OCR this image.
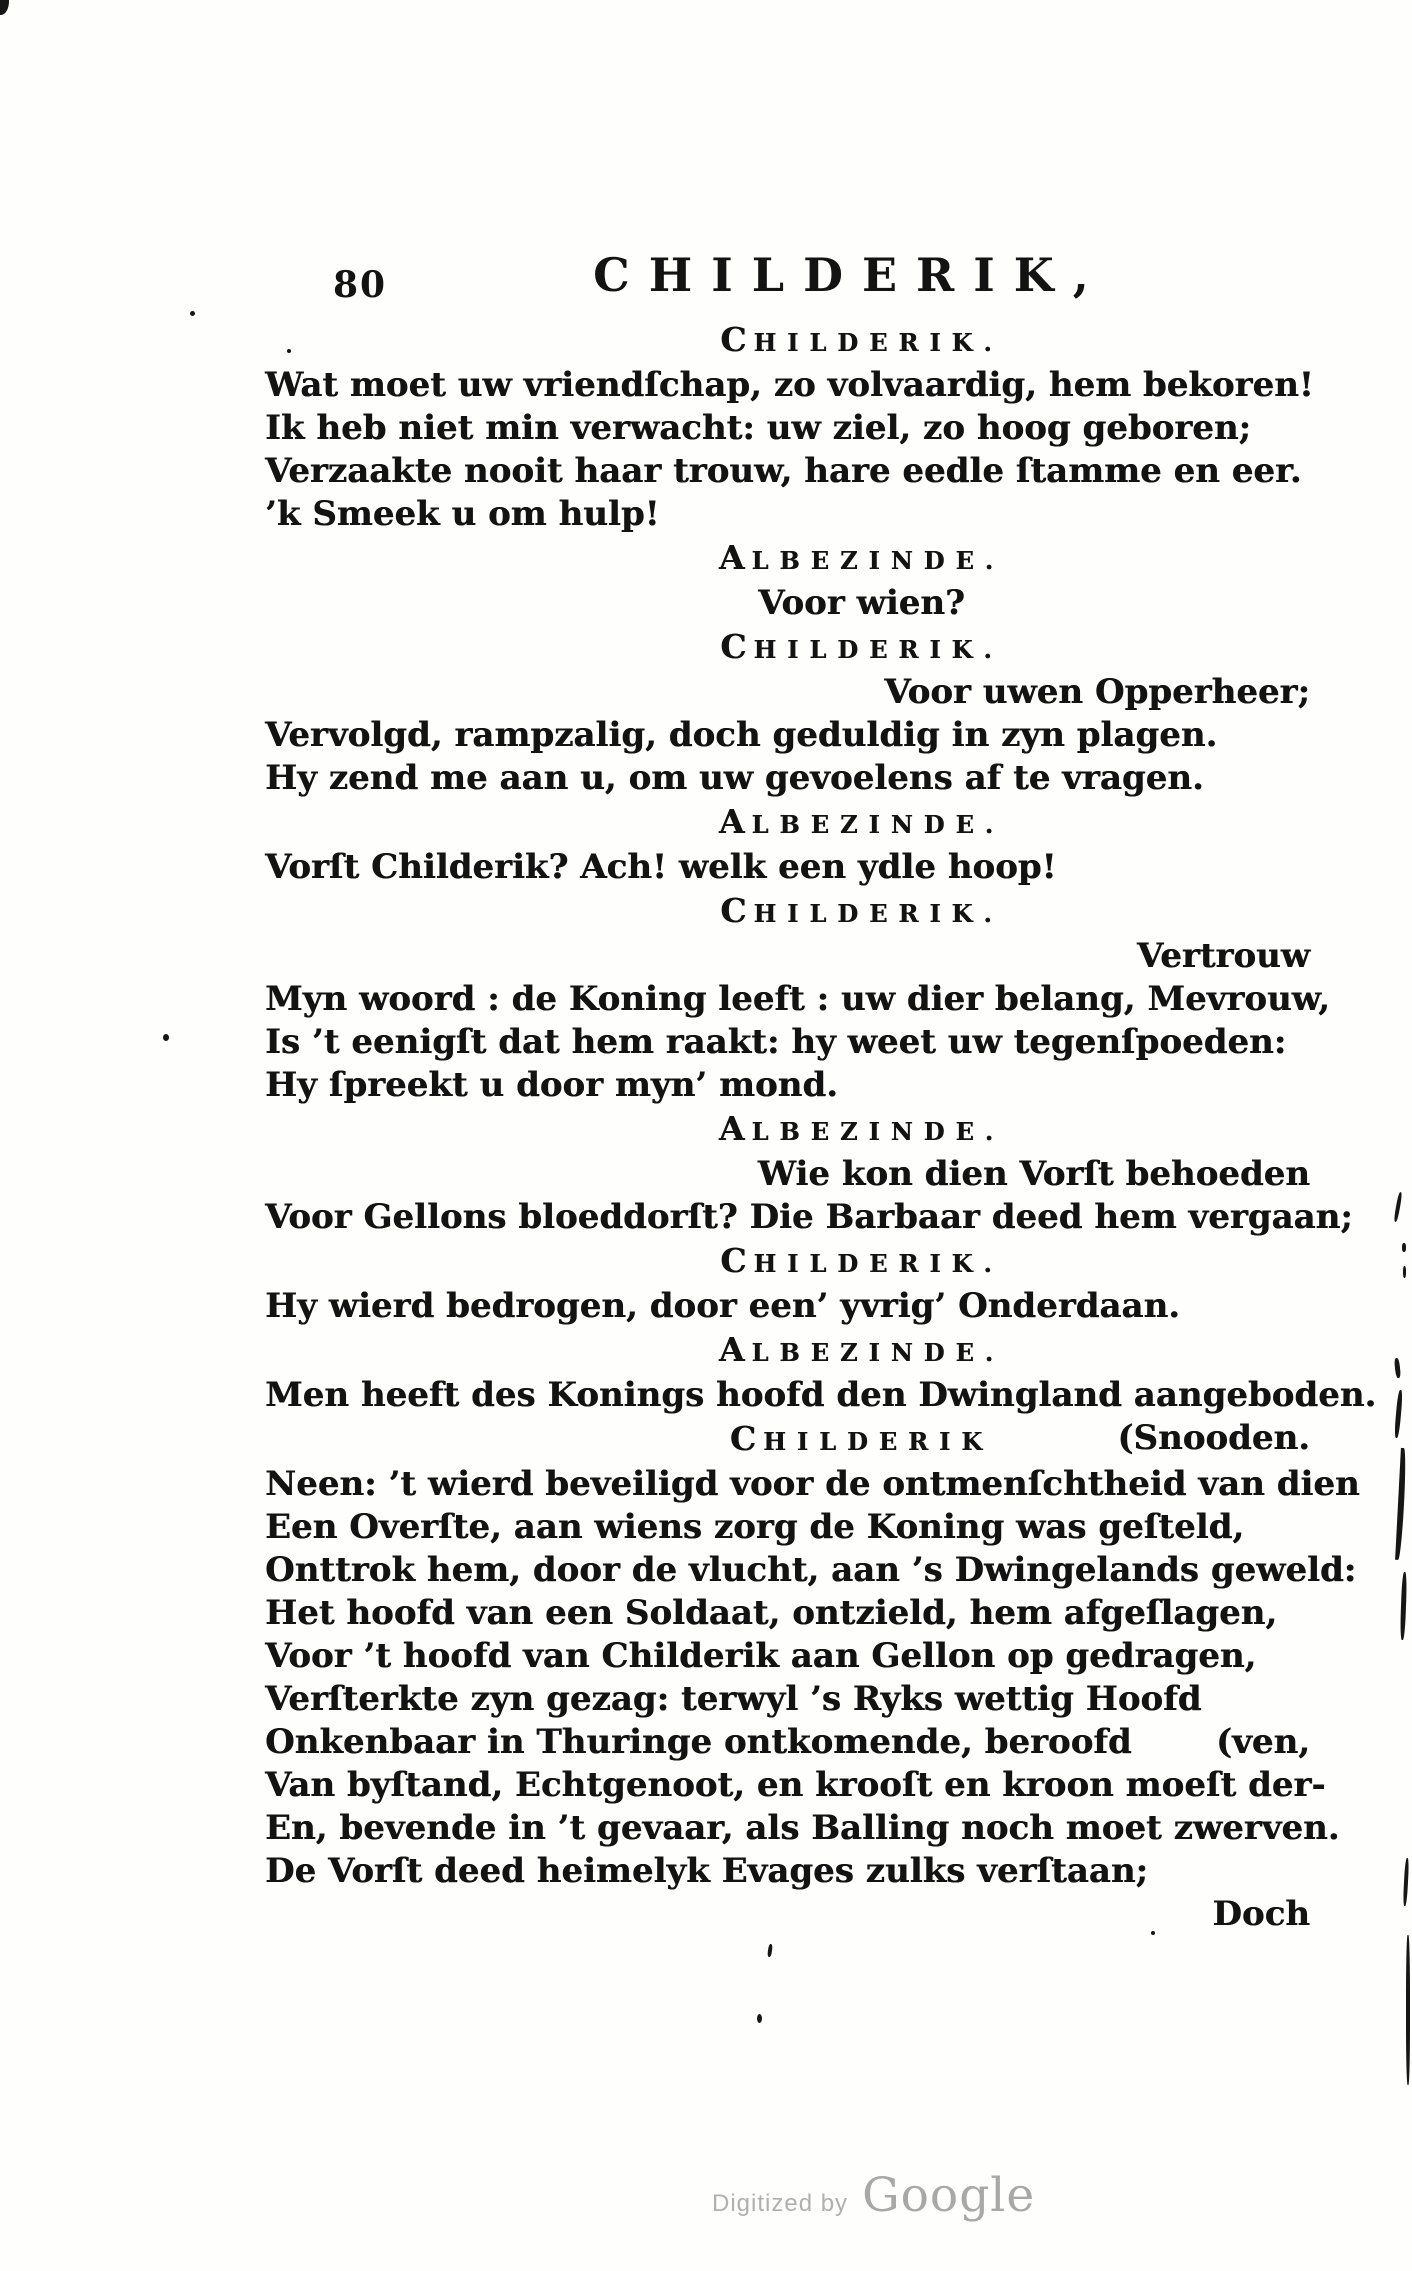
80	CHILDERIK,
CHILDERIK.
Wat moet uw vriendſchap, zo volvaardig, hem bekoren!
Ik heb niet min verwacht: uw ziel, zo hoog geboren;
Verzaakte nooit haar trouw, hare eedle ſtamme en eer.
’k Smeek u om hulp!
ALBEZINDE.
Voor wien?
CHILDERIK.
Voor uwen Opperheer;
Vervolgd, rampzalig, doch geduldig in zyn plagen.
Hy zend me aan u, om uw gevoelens af te vragen.
ALBEZINDE.
Vorſt Childerik? Ach! welk een ydle hoop!
CHILDERIK.
Vertrouw
Myn woord : de Koning leeft : uw dier belang, Mevrouw,
Is ’t eenigſt dat hem raakt: hy weet uw tegenſpoeden:
Hy ſpreekt u door myn’ mond.
ALBEZINDE.
Wie kon dien Vorſt behoeden
Voor Gellons bloeddorſt? Die Barbaar deed hem vergaan;
CHILDERIK.
Hy wierd bedrogen, door een’ yvrig’ Onderdaan.
ALBEZINDE.
Men heeft des Konings hoofd den Dwingland aangeboden.
CHILDERIK	(Snooden.
Neen: ’t wierd beveiligd voor de ontmenſchtheid van dien
Een Overſte, aan wiens zorg de Koning was geſteld,
Onttrok hem, door de vlucht, aan ’s Dwingelands geweld:
Het hoofd van een Soldaat, ontzield, hem afgeſlagen,
Voor ’t hoofd van Childerik aan Gellon op gedragen,
Verſterkte zyn gezag: terwyl ’s Ryks wettig Hoofd
Onkenbaar in Thuringe ontkomende, beroofd (ven,
Van byſtand, Echtgenoot, en krooſt en kroon moeſt der-
En, bevende in ’t gevaar, als Balling noch moet zwerven.
De Vorſt deed heimelyk Evages zulks verſtaan;
Doch
Digitized by Google
